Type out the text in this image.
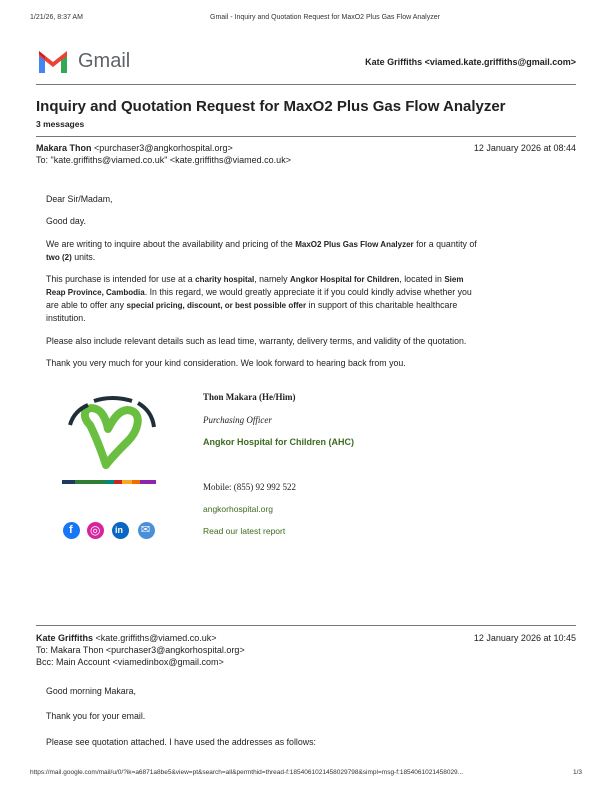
1/21/26, 8:37 AM	Gmail - Inquiry and Quotation Request for MaxO2 Plus Gas Flow Analyzer
Gmail	Kate Griffiths <viamed.kate.griffiths@gmail.com>
Inquiry and Quotation Request for MaxO2 Plus Gas Flow Analyzer
3 messages
Makara Thon <purchaser3@angkorhospital.org>	12 January 2026 at 08:44
To: "kate.griffiths@viamed.co.uk" <kate.griffiths@viamed.co.uk>
Dear Sir/Madam,
Good day.
We are writing to inquire about the availability and pricing of the MaxO2 Plus Gas Flow Analyzer for a quantity of
two (2) units.
This purchase is intended for use at a charity hospital, namely Angkor Hospital for Children, located in Siem
Reap Province, Cambodia. In this regard, we would greatly appreciate it if you could kindly advise whether you
are able to offer any special pricing, discount, or best possible offer in support of this charitable healthcare
institution.
Please also include relevant details such as lead time, warranty, delivery terms, and validity of the quotation.
Thank you very much for your kind consideration. We look forward to hearing back from you.
f ◎ in ✉
Thon Makara (He/Him)
Purchasing Officer
Angkor Hospital for Children (AHC)
Mobile: (855) 92 992 522
angkorhospital.org
Read our latest report
Kate Griffiths <kate.griffiths@viamed.co.uk>	12 January 2026 at 10:45
To: Makara Thon <purchaser3@angkorhospital.org>
Bcc: Main Account <viamedinbox@gmail.com>
Good morning Makara,
Thank you for your email.
Please see quotation attached. I have used the addresses as follows:
https://mail.google.com/mail/u/0/?ik=a6871a8be5&view=pt&search=all&permthid=thread-f:1854061021458029798&simpl=msg-f:1854061021458029...	1/3
